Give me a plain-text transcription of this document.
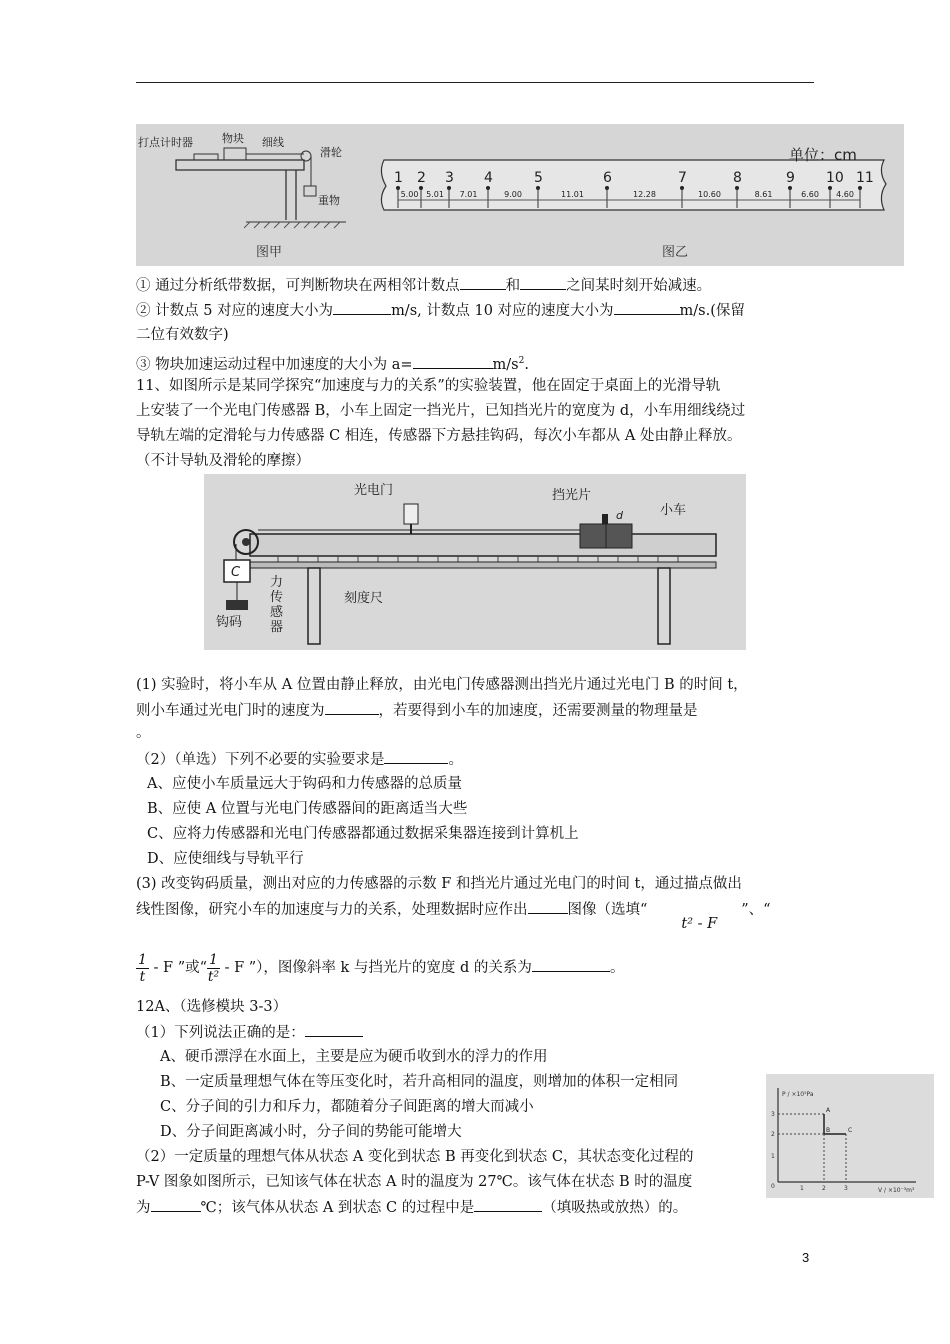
打点计时器	物块 细线
滑轮
重物
图甲	图乙
单位：cm
1 2 3 4	5	6	7	8	9 10 11
5.00 5.01 7.01	9.00	11.01	12.28	10.60	8.61	6.60 4.60
① 通过分析纸带数据，可判断物块在两相邻计数点	和	之间某时刻开始减速。
② 计数点 5 对应的速度大小为	m/s, 计数点 10 对应的速度大小为	m/s.(保留
二位有效数字)
③ 物块加速运动过程中加速度的大小为 a=	$m/s^2$.
11、如图所示是某同学探究“加速度与力的关系”的实验装置，他在固定于桌面上的光滑导轨
上安装了一个光电门传感器 B，小车上固定一挡光片，已知挡光片的宽度为 d，小车用细线绕过
导轨左端的定滑轮与力传感器 C 相连，传感器下方悬挂钩码，每次小车都从 A 处由静止释放。
（不计导轨及滑轮的摩擦）
光电门	挡光片
d	小车
C
钩码
刻度尺
力传感器
(1) 实验时，将小车从 A 位置由静止释放，由光电门传感器测出挡光片通过光电门 B 的时间 t，
则小车通过光电门时的速度为	，若要得到小车的加速度，还需要测量的物理量是
。
（2）（单选）下列不必要的实验要求是	。
A、应使小车质量远大于钩码和力传感器的总质量
B、应使 A 位置与光电门传感器间的距离适当大些
C、应将力传感器和光电门传感器都通过数据采集器连接到计算机上
D、应使细线与导轨平行
(3) 改变钩码质量，测出对应的力传感器的示数 F 和挡光片通过光电门的时间 t，通过描点做出
线性图像，研究小车的加速度与力的关系，处理数据时应作出	图像（选填“t² - F”、“
$\frac{1}{t}$ - F ”或“ $\frac{1}{\text{t²}}$ - F ”），图像斜率 k 与挡光片的宽度 d 的关系为	。
12A、（选修模块 3-3）
（1）下列说法正确的是：
A、硬币漂浮在水面上，主要是应为硬币收到水的浮力的作用
B、一定质量理想气体在等压变化时，若升高相同的温度，则增加的体积一定相同
C、分子间的引力和斥力，都随着分子间距离的增大而减小
D、分子间距离减小时，分子间的势能可能增大
（2）一定质量的理想气体从状态 A 变化到状态 B 再变化到状态 C，其状态变化过程的
P-V 图象如图所示，已知该气体在状态 A 时的温度为 27℃。该气体在状态 B 时的温度
为	℃；该气体从状态 A 到状态 C 的过程中是	（填吸热或放热）的。
P / ×10⁵Pa
V / ×10⁻³m³
A
B	C
0	1	2	3
1
2
3
3
